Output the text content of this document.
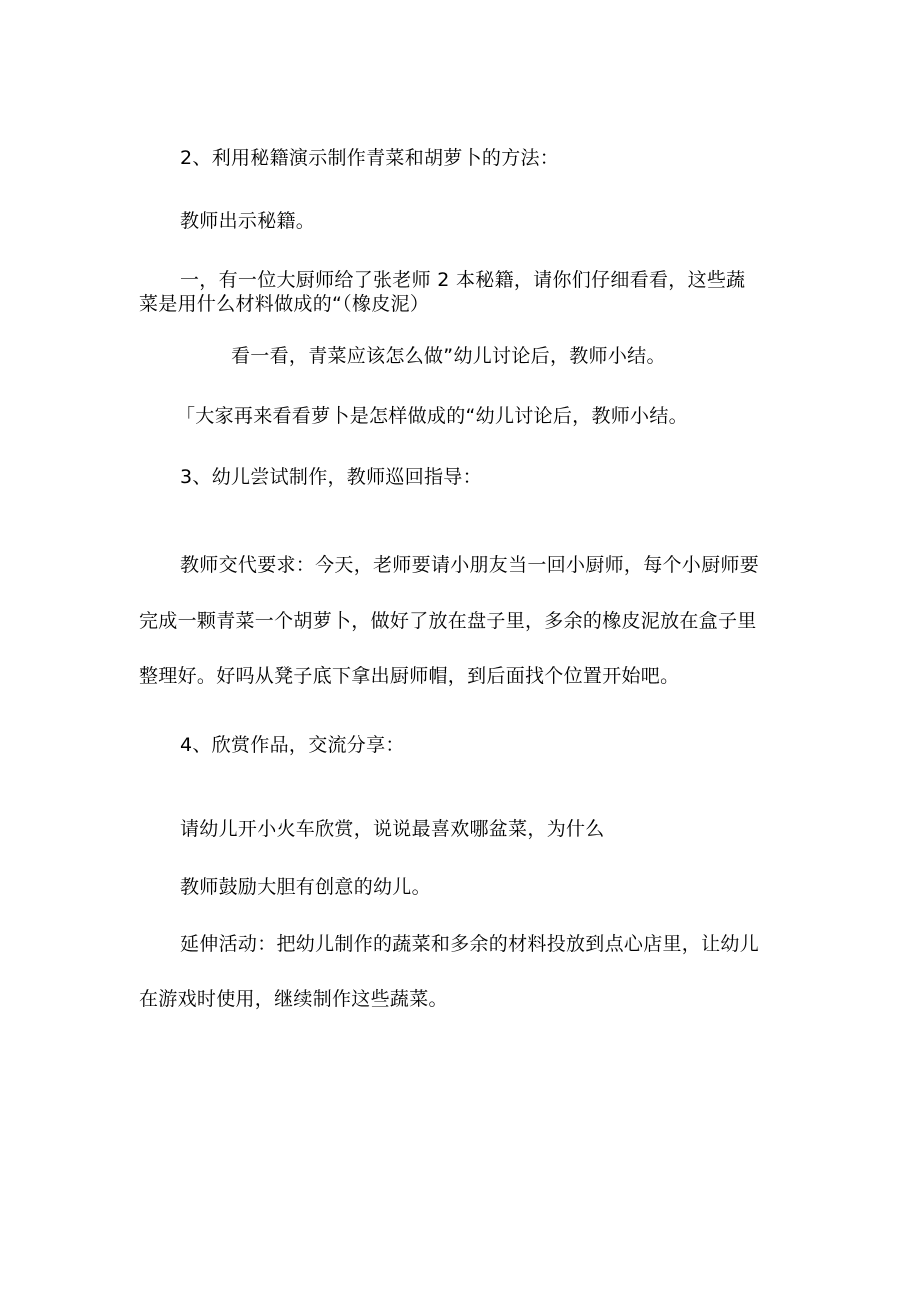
2、利用秘籍演示制作青菜和胡萝卜的方法：
教师出示秘籍。
一，有一位大厨师给了张老师 2 本秘籍，请你们仔细看看，这些蔬
菜是用什么材料做成的“（橡皮泥）
看一看，青菜应该怎么做”幼儿讨论后，教师小结。
「大家再来看看萝卜是怎样做成的“幼儿讨论后，教师小结。
3、幼儿尝试制作，教师巡回指导：
教师交代要求：今天，老师要请小朋友当一回小厨师，每个小厨师要
完成一颗青菜一个胡萝卜，做好了放在盘子里，多余的橡皮泥放在盒子里
整理好。好吗从凳子底下拿出厨师帽，到后面找个位置开始吧。
4、欣赏作品，交流分享：
请幼儿开小火车欣赏，说说最喜欢哪盆菜，为什么
教师鼓励大胆有创意的幼儿。
延伸活动：把幼儿制作的蔬菜和多余的材料投放到点心店里，让幼儿
在游戏时使用，继续制作这些蔬菜。
